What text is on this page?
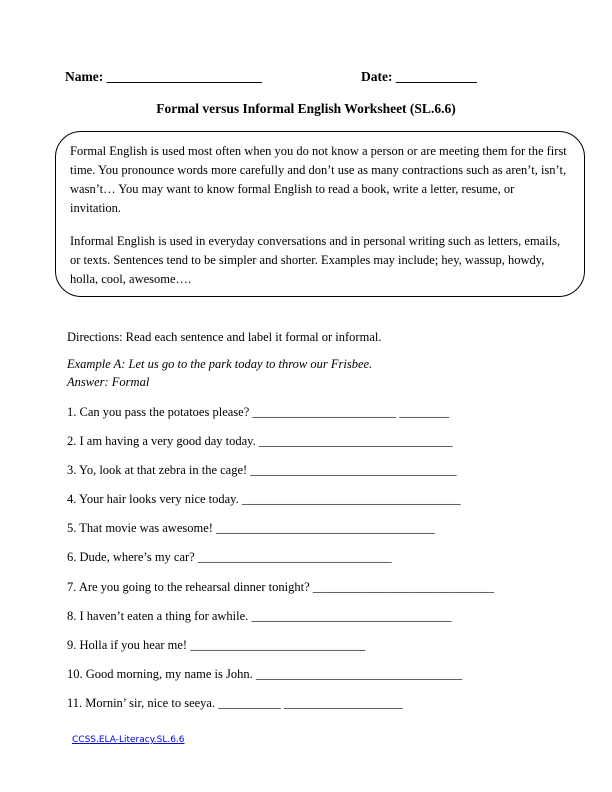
Name: _______________________	Date: ____________
Formal versus Informal English Worksheet (SL.6.6)

Formal English is used most often when you do not know a person or are meeting them for the first time. You pronounce words more carefully and don’t use as many contractions such as aren’t, isn’t, wasn’t… You may want to know formal English to read a book, write a letter, resume, or invitation.

Informal English is used in everyday conversations and in personal writing such as letters, emails, or texts. Sentences tend to be simpler and shorter. Examples may include; hey, wassup, howdy, holla, cool, awesome….

Directions: Read each sentence and label it formal or informal.
Example A: Let us go to the park today to throw our Frisbee.
Answer: Formal
1. Can you pass the potatoes please? _______________________ ________
2. I am having a very good day today. _______________________________
3. Yo, look at that zebra in the cage! _________________________________
4. Your hair looks very nice today. ___________________________________
5. That movie was awesome! ___________________________________
6. Dude, where’s my car? _______________________________
7. Are you going to the rehearsal dinner tonight? _____________________________
8. I haven’t eaten a thing for awhile. ________________________________
9. Holla if you hear me! ____________________________
10. Good morning, my name is John. _________________________________
11. Mornin’ sir, nice to seeya. __________ ___________________
CCSS.ELA-Literacy.SL.6.6
